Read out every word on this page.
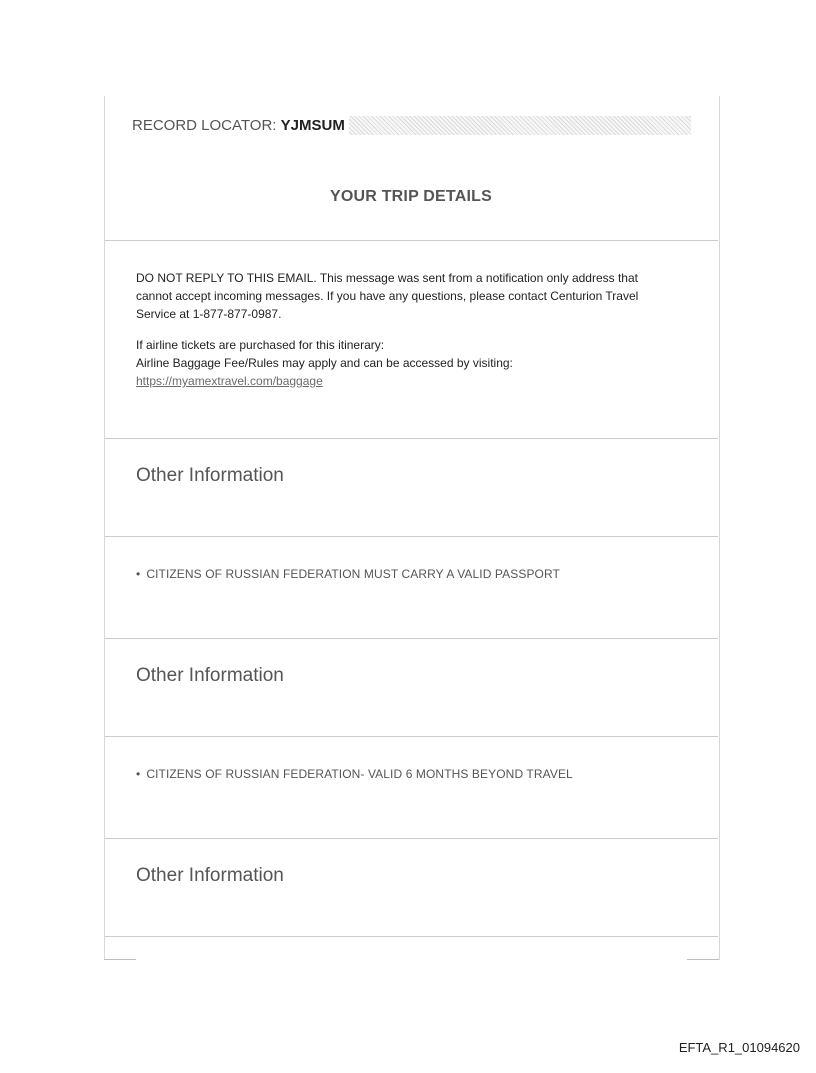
RECORD LOCATOR: YJMSUM
YOUR TRIP DETAILS

DO NOT REPLY TO THIS EMAIL. This message was sent from a notification only address that

cannot accept incoming messages. If you have any questions, please contact Centurion Travel

Service at 1-877-877-0987.

If airline tickets are purchased for this itinerary:

Airline Baggage Fee/Rules may apply and can be accessed by visiting:

https://myamextravel.com/baggage

Other Information
• CITIZENS OF RUSSIAN FEDERATION MUST CARRY A VALID PASSPORT
Other Information
• CITIZENS OF RUSSIAN FEDERATION- VALID 6 MONTHS BEYOND TRAVEL
Other Information
EFTA_R1_01094620
